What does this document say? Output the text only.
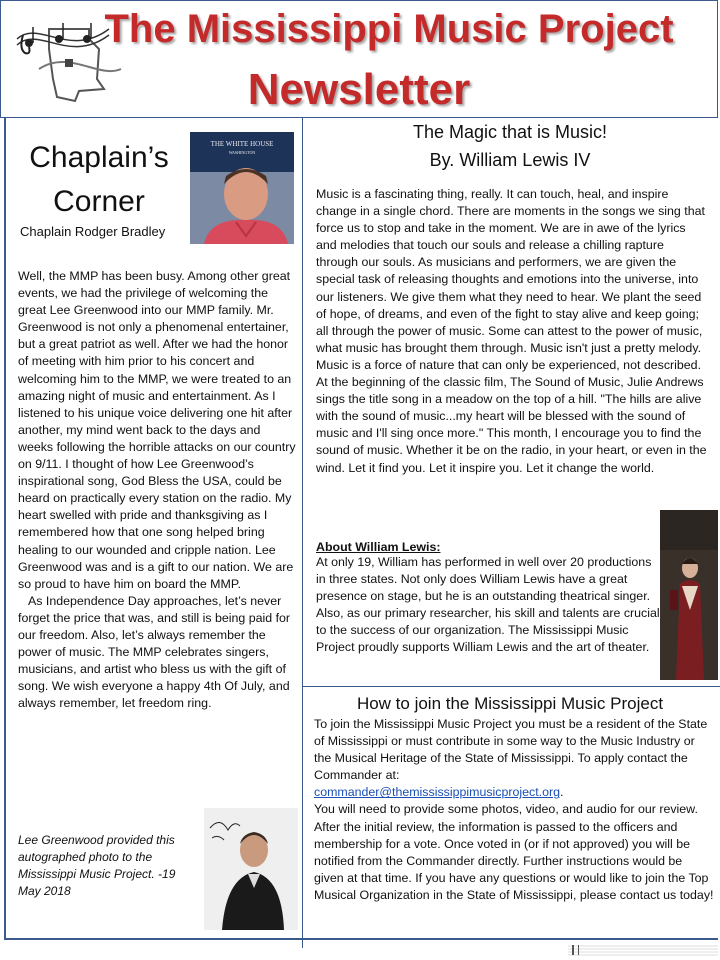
The Mississippi Music Project
Newsletter
Chaplain’s
Corner
Chaplain Rodger Bradley
THE WHITE HOUSE
WASHINGTON

Well, the MMP has been busy. Among other great events, we had the privilege of welcoming the great Lee Greenwood into our MMP family. Mr. Greenwood is not only a phenomenal entertainer, but a great patriot as well. After we had the honor of meeting with him prior to his concert and welcoming him to the MMP, we were treated to an amazing night of music and entertainment. As I listened to his unique voice delivering one hit after another, my mind went back to the days and weeks following the horrible attacks on our country on 9/11. I thought of how Lee Greenwood’s inspirational song, God Bless the USA, could be heard on practically every station on the radio. My heart swelled with pride and thanksgiving as I remembered how that one song helped bring healing to our wounded and cripple nation. Lee Greenwood was and is a gift to our nation. We are so proud to have him on board the MMP.

As Independence Day approaches, let’s never forget the price that was, and still is being paid for our freedom. Also, let’s always remember the power of music. The MMP celebrates singers, musicians, and artist who bless us with the gift of song. We wish everyone a happy 4th Of July, and always remember, let freedom ring.

Lee Greenwood provided this autographed photo to the Mississippi Music Project. -19 May 2018
The Magic that is Music!
By. William Lewis IV

Music is a fascinating thing, really. It can touch, heal, and inspire change in a single chord. There are moments in the songs we sing that force us to stop and take in the moment. We are in awe of the lyrics and melodies that touch our souls and release a chilling rapture through our souls. As musicians and performers, we are given the special task of releasing thoughts and emotions into the universe, into our listeners. We give them what they need to hear. We plant the seed of hope, of dreams, and even of the fight to stay alive and keep going; all through the power of music. Some can attest to the power of music, what music has brought them through. Music isn't just a pretty melody. Music is a force of nature that can only be experienced, not described. At the beginning of the classic film, The Sound of Music, Julie Andrews sings the title song in a meadow on the top of a hill. "The hills are alive with the sound of music...my heart will be blessed with the sound of music and I'll sing once more." This month, I encourage you to find the sound of music. Whether it be on the radio, in your heart, or even in the wind. Let it find you. Let it inspire you. Let it change the world.

About William Lewis:

At only 19, William has performed in well over 20 productions in three states. Not only does William Lewis have a great presence on stage, but he is an outstanding theatrical singer. Also, as our primary researcher, his skill and talents are crucial to the success of our organization. The Mississippi Music Project proudly supports William Lewis and the art of theater.

How to join the Mississippi Music Project

To join the Mississippi Music Project you must be a resident of the State of Mississippi or must contribute in some way to the Music Industry or the Musical Heritage of the State of Mississippi. To apply contact the Commander at:

commander@themississippimusicproject.org.

You will need to provide some photos, video, and audio for our review. After the initial review, the information is passed to the officers and membership for a vote. Once voted in (or if not approved) you will be notified from the Commander directly. Further instructions would be given at that time. If you have any questions or would like to join the Top Musical Organization in the State of Mississippi, please contact us today!
